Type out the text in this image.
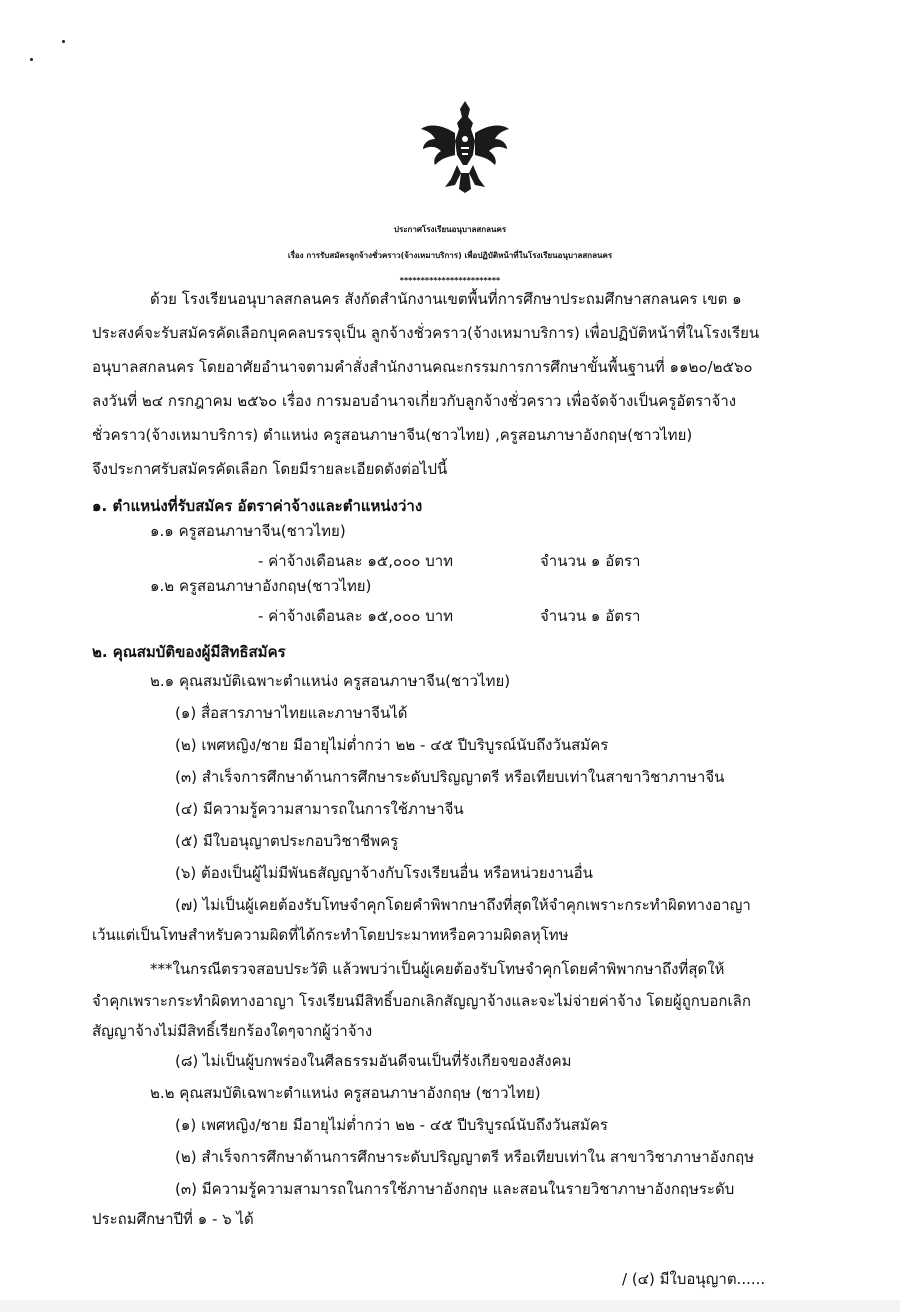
ประกาศโรงเรียนอนุบาลสกลนคร
เรื่อง การรับสมัครลูกจ้างชั่วคราว(จ้างเหมาบริการ) เพื่อปฏิบัติหน้าที่ในโรงเรียนอนุบาลสกลนคร
************************
ด้วย โรงเรียนอนุบาลสกลนคร สังกัดสำนักงานเขตพื้นที่การศึกษาประถมศึกษาสกลนคร เขต ๑
ประสงค์จะรับสมัครคัดเลือกบุคคลบรรจุเป็น ลูกจ้างชั่วคราว(จ้างเหมาบริการ) เพื่อปฏิบัติหน้าที่ในโรงเรียน
อนุบาลสกลนคร โดยอาศัยอำนาจตามคำสั่งสำนักงานคณะกรรมการการศึกษาขั้นพื้นฐานที่ ๑๑๒๐/๒๕๖๐
ลงวันที่ ๒๔ กรกฎาคม ๒๕๖๐ เรื่อง การมอบอำนาจเกี่ยวกับลูกจ้างชั่วคราว เพื่อจัดจ้างเป็นครูอัตราจ้าง
ชั่วคราว(จ้างเหมาบริการ) ตำแหน่ง ครูสอนภาษาจีน(ชาวไทย) ,ครูสอนภาษาอังกฤษ(ชาวไทย)
จึงประกาศรับสมัครคัดเลือก โดยมีรายละเอียดดังต่อไปนี้
๑. ตำแหน่งที่รับสมัคร อัตราค่าจ้างและตำแหน่งว่าง
๑.๑ ครูสอนภาษาจีน(ชาวไทย)
- ค่าจ้างเดือนละ ๑๕,๐๐๐ บาท	จำนวน ๑ อัตรา
๑.๒ ครูสอนภาษาอังกฤษ(ชาวไทย)
- ค่าจ้างเดือนละ ๑๕,๐๐๐ บาท	จำนวน ๑ อัตรา
๒. คุณสมบัติของผู้มีสิทธิสมัคร
๒.๑ คุณสมบัติเฉพาะตำแหน่ง ครูสอนภาษาจีน(ชาวไทย)
(๑) สื่อสารภาษาไทยและภาษาจีนได้
(๒) เพศหญิง/ชาย มีอายุไม่ต่ำกว่า ๒๒ - ๔๕ ปีบริบูรณ์นับถึงวันสมัคร
(๓) สำเร็จการศึกษาด้านการศึกษาระดับปริญญาตรี หรือเทียบเท่าในสาขาวิชาภาษาจีน
(๔) มีความรู้ความสามารถในการใช้ภาษาจีน
(๕) มีใบอนุญาตประกอบวิชาชีพครู
(๖) ต้องเป็นผู้ไม่มีพันธสัญญาจ้างกับโรงเรียนอื่น หรือหน่วยงานอื่น
(๗) ไม่เป็นผู้เคยต้องรับโทษจำคุกโดยคำพิพากษาถึงที่สุดให้จำคุกเพราะกระทำผิดทางอาญา
เว้นแต่เป็นโทษสำหรับความผิดที่ได้กระทำโดยประมาทหรือความผิดลหุโทษ
***ในกรณีตรวจสอบประวัติ แล้วพบว่าเป็นผู้เคยต้องรับโทษจำคุกโดยคำพิพากษาถึงที่สุดให้
จำคุกเพราะกระทำผิดทางอาญา โรงเรียนมีสิทธิ์บอกเลิกสัญญาจ้างและจะไม่จ่ายค่าจ้าง โดยผู้ถูกบอกเลิก
สัญญาจ้างไม่มีสิทธิ์เรียกร้องใดๆจากผู้ว่าจ้าง
(๘) ไม่เป็นผู้บกพร่องในศีลธรรมอันดีจนเป็นที่รังเกียจของสังคม
๒.๒ คุณสมบัติเฉพาะตำแหน่ง ครูสอนภาษาอังกฤษ (ชาวไทย)
(๑) เพศหญิง/ชาย มีอายุไม่ต่ำกว่า ๒๒ - ๔๕ ปีบริบูรณ์นับถึงวันสมัคร
(๒) สำเร็จการศึกษาด้านการศึกษาระดับปริญญาตรี หรือเทียบเท่าใน สาขาวิชาภาษาอังกฤษ
(๓) มีความรู้ความสามารถในการใช้ภาษาอังกฤษ และสอนในรายวิชาภาษาอังกฤษระดับ
ประถมศึกษาปีที่ ๑ - ๖ ได้
/ (๔) มีใบอนุญาต......
